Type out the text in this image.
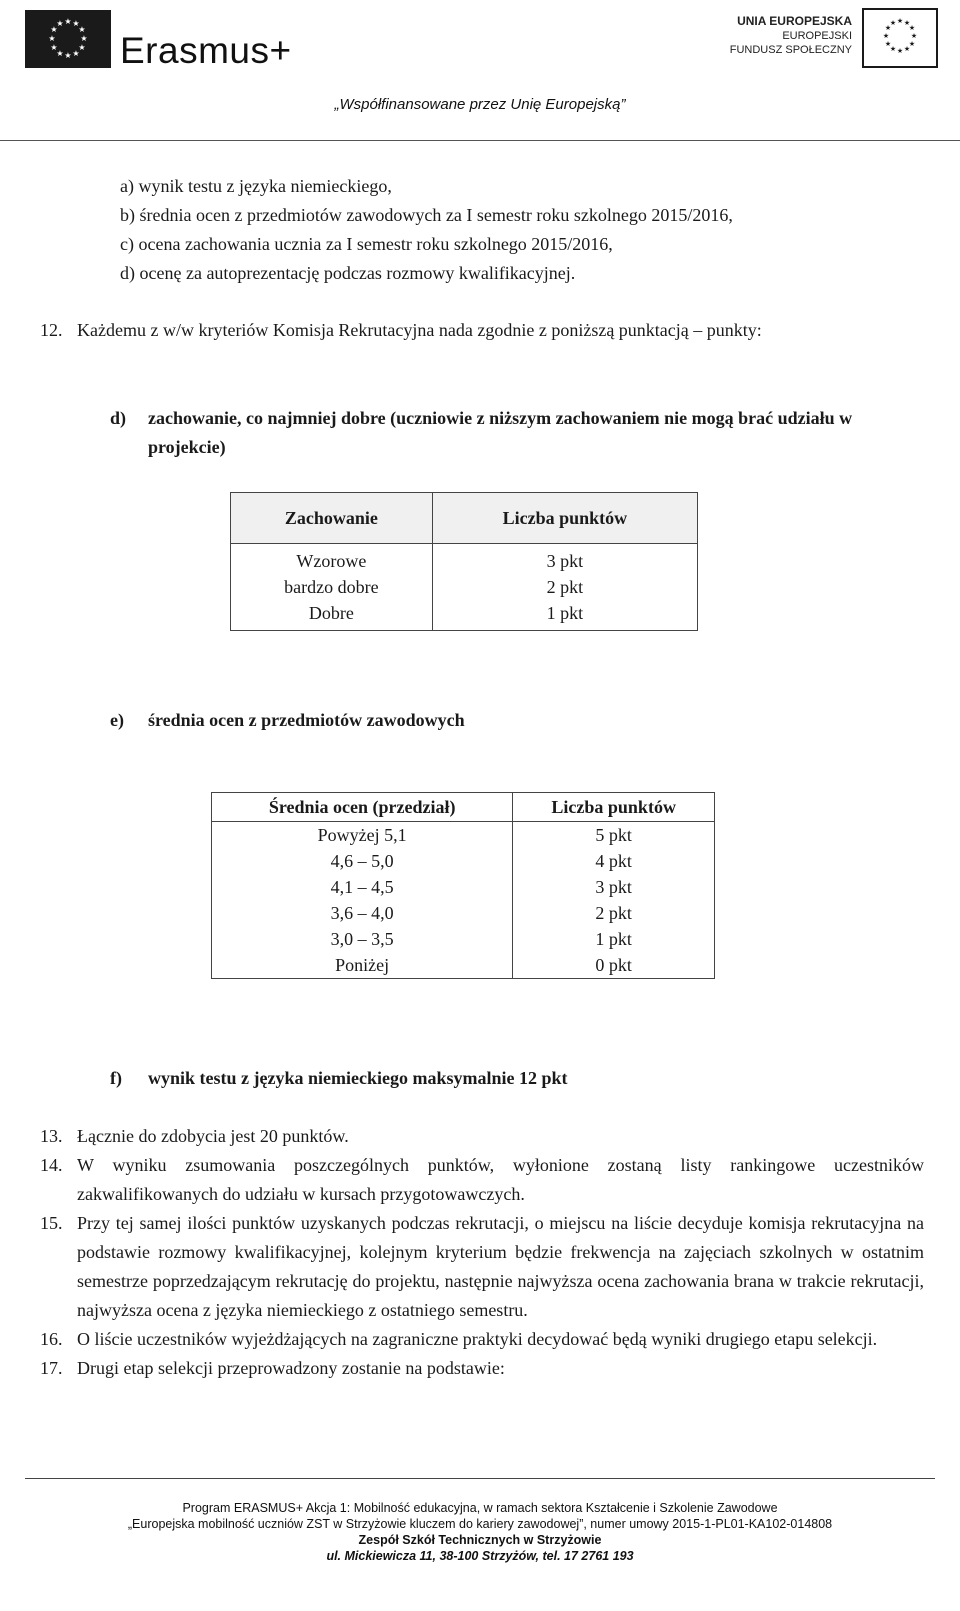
★ ★
★
★
★
★
★
★
★
★
★
★
Erasmus+
UNIA EUROPEJSKA
EUROPEJSKI
FUNDUSZ SPOŁECZNY
★ ★
★
★
★
★
★
★
★
★
★
★
„Współfinansowane przez Unię Europejską”
a) wynik testu z języka niemieckiego,
b) średnia ocen z przedmiotów zawodowych za I semestr roku szkolnego 2015/2016,
c) ocena zachowania ucznia za I semestr roku szkolnego 2015/2016,
d) ocenę za autoprezentację podczas rozmowy kwalifikacyjnej.
12. Każdemu z w/w kryteriów Komisja Rekrutacyjna nada zgodnie z poniższą punktacją – punkty:
d)	zachowanie, co najmniej dobre (uczniowie z niższym zachowaniem nie mogą brać udziału w projekcie)
Zachowanie	Liczba punktów
Wzorowe	3 pkt
bardzo dobre	2 pkt
Dobre	1 pkt
e) średnia ocen z przedmiotów zawodowych
Średnia ocen (przedział)	Liczba punktów
Powyżej 5,1	5 pkt
4,6 – 5,0	4 pkt
4,1 – 4,5	3 pkt
3,6 – 4,0	2 pkt
3,0 – 3,5	1 pkt
Poniżej	0 pkt
f) wynik testu z języka niemieckiego maksymalnie 12 pkt
13. Łącznie do zdobycia jest 20 punktów.
14. W wyniku zsumowania poszczególnych punktów, wyłonione zostaną listy rankingowe uczestników zakwalifikowanych do udziału w kursach przygotowawczych.
15. Przy tej samej ilości punktów uzyskanych podczas rekrutacji, o miejscu na liście decyduje komisja rekrutacyjna na podstawie rozmowy kwalifikacyjnej, kolejnym kryterium będzie frekwencja na zajęciach szkolnych w ostatnim semestrze poprzedzającym rekrutację do projektu, następnie najwyższa ocena zachowania brana w trakcie rekrutacji, najwyższa ocena z języka niemieckiego z ostatniego semestru.
16. O liście uczestników wyjeżdżających na zagraniczne praktyki decydować będą wyniki drugiego etapu selekcji.
17. Drugi etap selekcji przeprowadzony zostanie na podstawie:
Program ERASMUS+ Akcja 1: Mobilność edukacyjna, w ramach sektora Kształcenie i Szkolenie Zawodowe
„Europejska mobilność uczniów ZST w Strzyżowie kluczem do kariery zawodowej”, numer umowy 2015-1-PL01-KA102-014808
Zespół Szkół Technicznych w Strzyżowie
ul. Mickiewicza 11, 38-100 Strzyżów, tel. 17 2761 193
